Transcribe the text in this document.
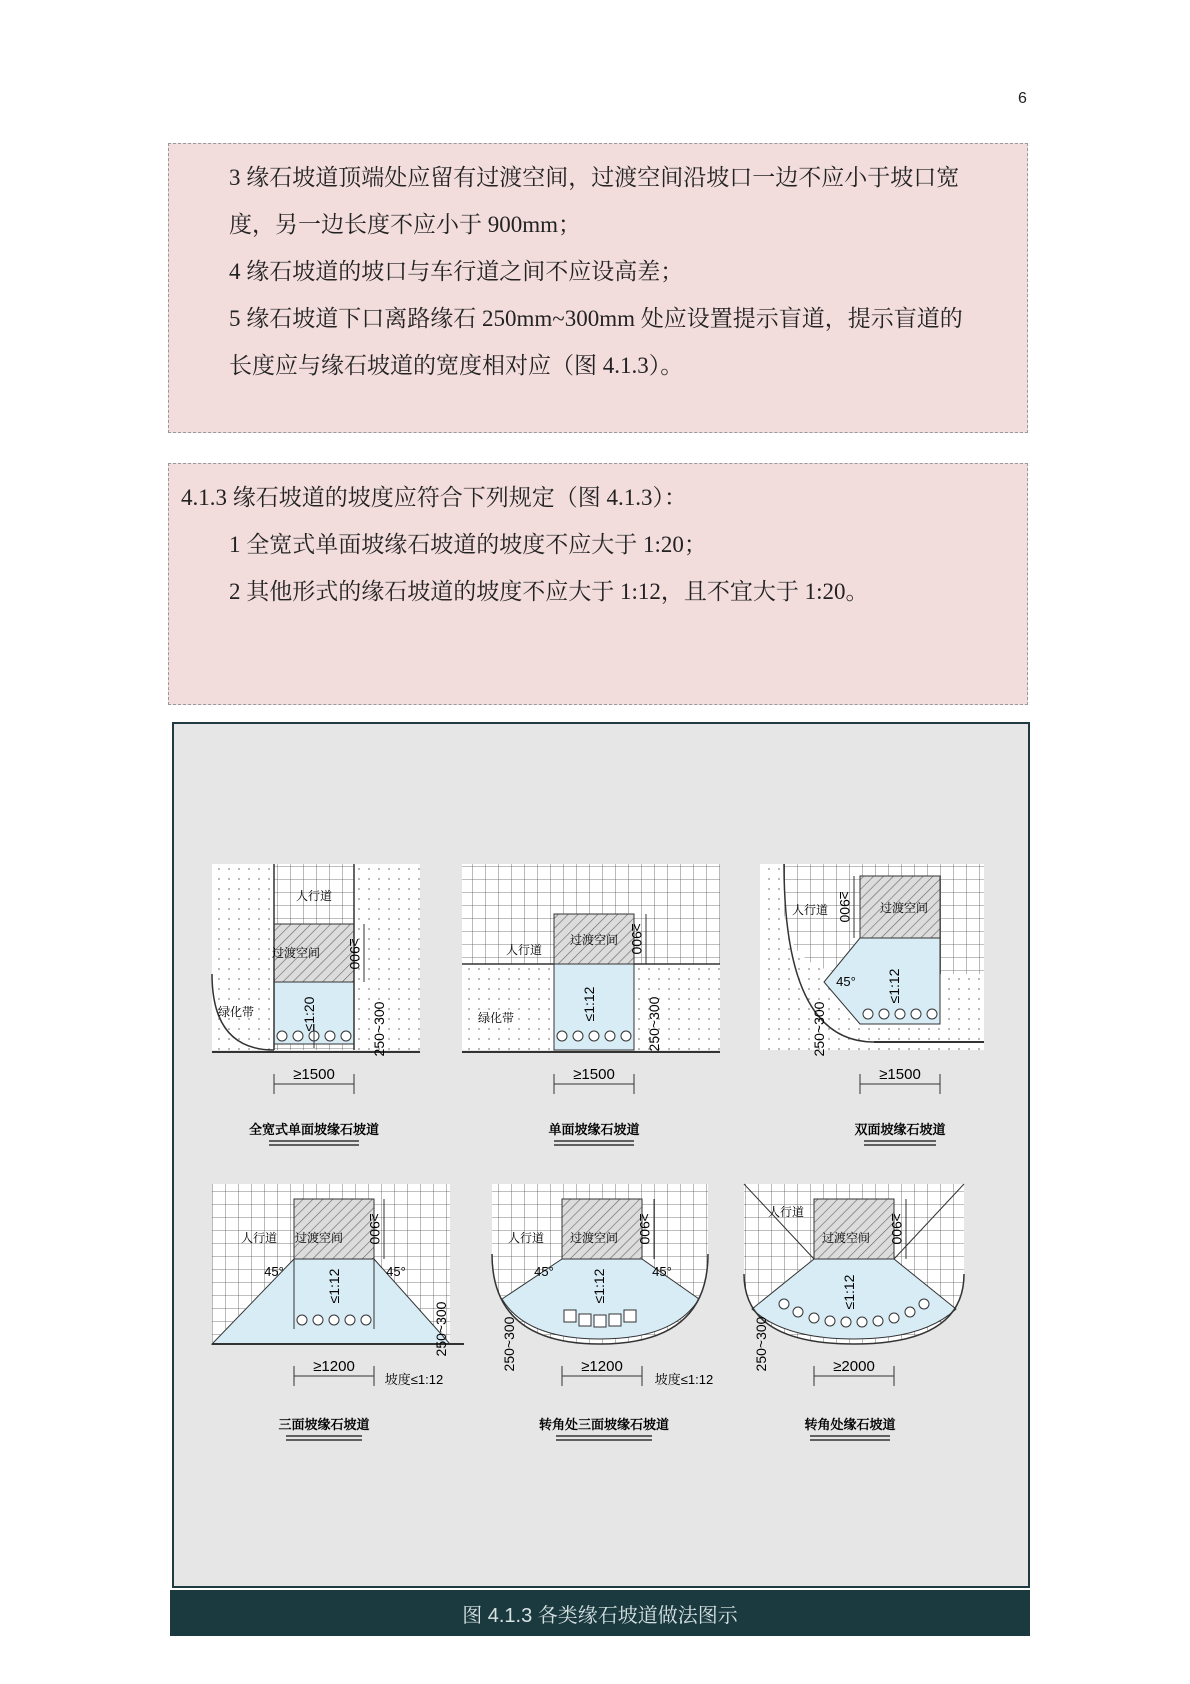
6
3 缘石坡道顶端处应留有过渡空间，过渡空间沿坡口一边不应小于坡口宽
度，另一边长度不应小于 900mm；
4 缘石坡道的坡口与车行道之间不应设高差；
5 缘石坡道下口离路缘石 250mm~300mm 处应设置提示盲道，提示盲道的
长度应与缘石坡道的宽度相对应（图 4.1.3）。
4.1.3 缘石坡道的坡度应符合下列规定（图 4.1.3）：
1 全宽式单面坡缘石坡道的坡度不应大于 1:20；
2 其他形式的缘石坡道的坡度不应大于 1:12，且不宜大于 1:20。
人行道
过渡空间
绿化带	≤1:20
≥900
250~300
≥1500
全宽式单面坡缘石坡道
人行道
过渡空间
绿化带	≤1:12
≥900
250~300
≥1500
单面坡缘石坡道
人行道	过渡空间
≤1:12
45°
≥900
250~300
≥1500
双面坡缘石坡道
人行道 过渡空间
≤1:12
45°	45°
≥900
250~300
≥1200
坡度≤1:12
三面坡缘石坡道
人行道 过渡空间
≤1:12
45°	45°
≥900
250~300	≥1200
坡度≤1:12
转角处三面坡缘石坡道
人行道
过渡空间
≤1:12
≥900
250~300	≥2000
转角处缘石坡道
图 4.1.3 各类缘石坡道做法图示
